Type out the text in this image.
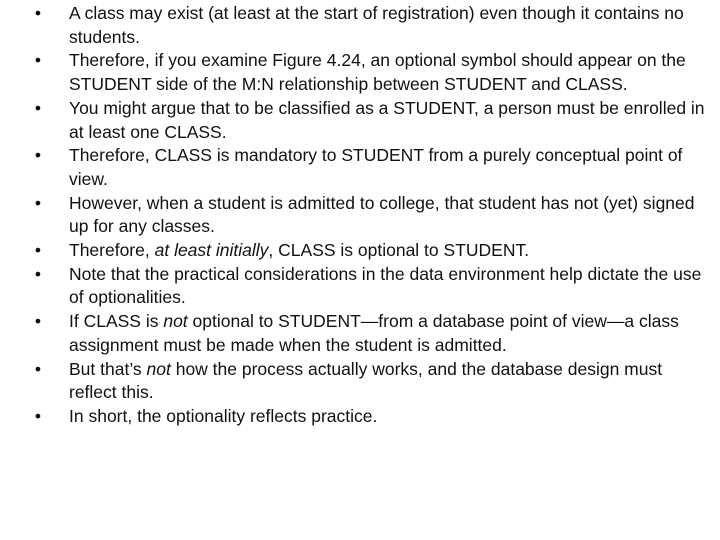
• A class may exist (at least at the start of registration) even though it contains no students.
• Therefore, if you examine Figure 4.24, an optional symbol should appear on the STUDENT side of the M:N relationship between STUDENT and CLASS.
• You might argue that to be classified as a STUDENT, a person must be enrolled in at least one CLASS.
• Therefore, CLASS is mandatory to STUDENT from a purely conceptual point of view.
• However, when a student is admitted to college, that student has not (yet) signed up for any classes.
• Therefore, at least initially, CLASS is optional to STUDENT.
• Note that the practical considerations in the data environment help dictate the use of optionalities.
• If CLASS is not optional to STUDENT—from a database point of view—a class assignment must be made when the student is admitted.
• But that’s not how the process actually works, and the database design must reflect this.
• In short, the optionality reflects practice.
